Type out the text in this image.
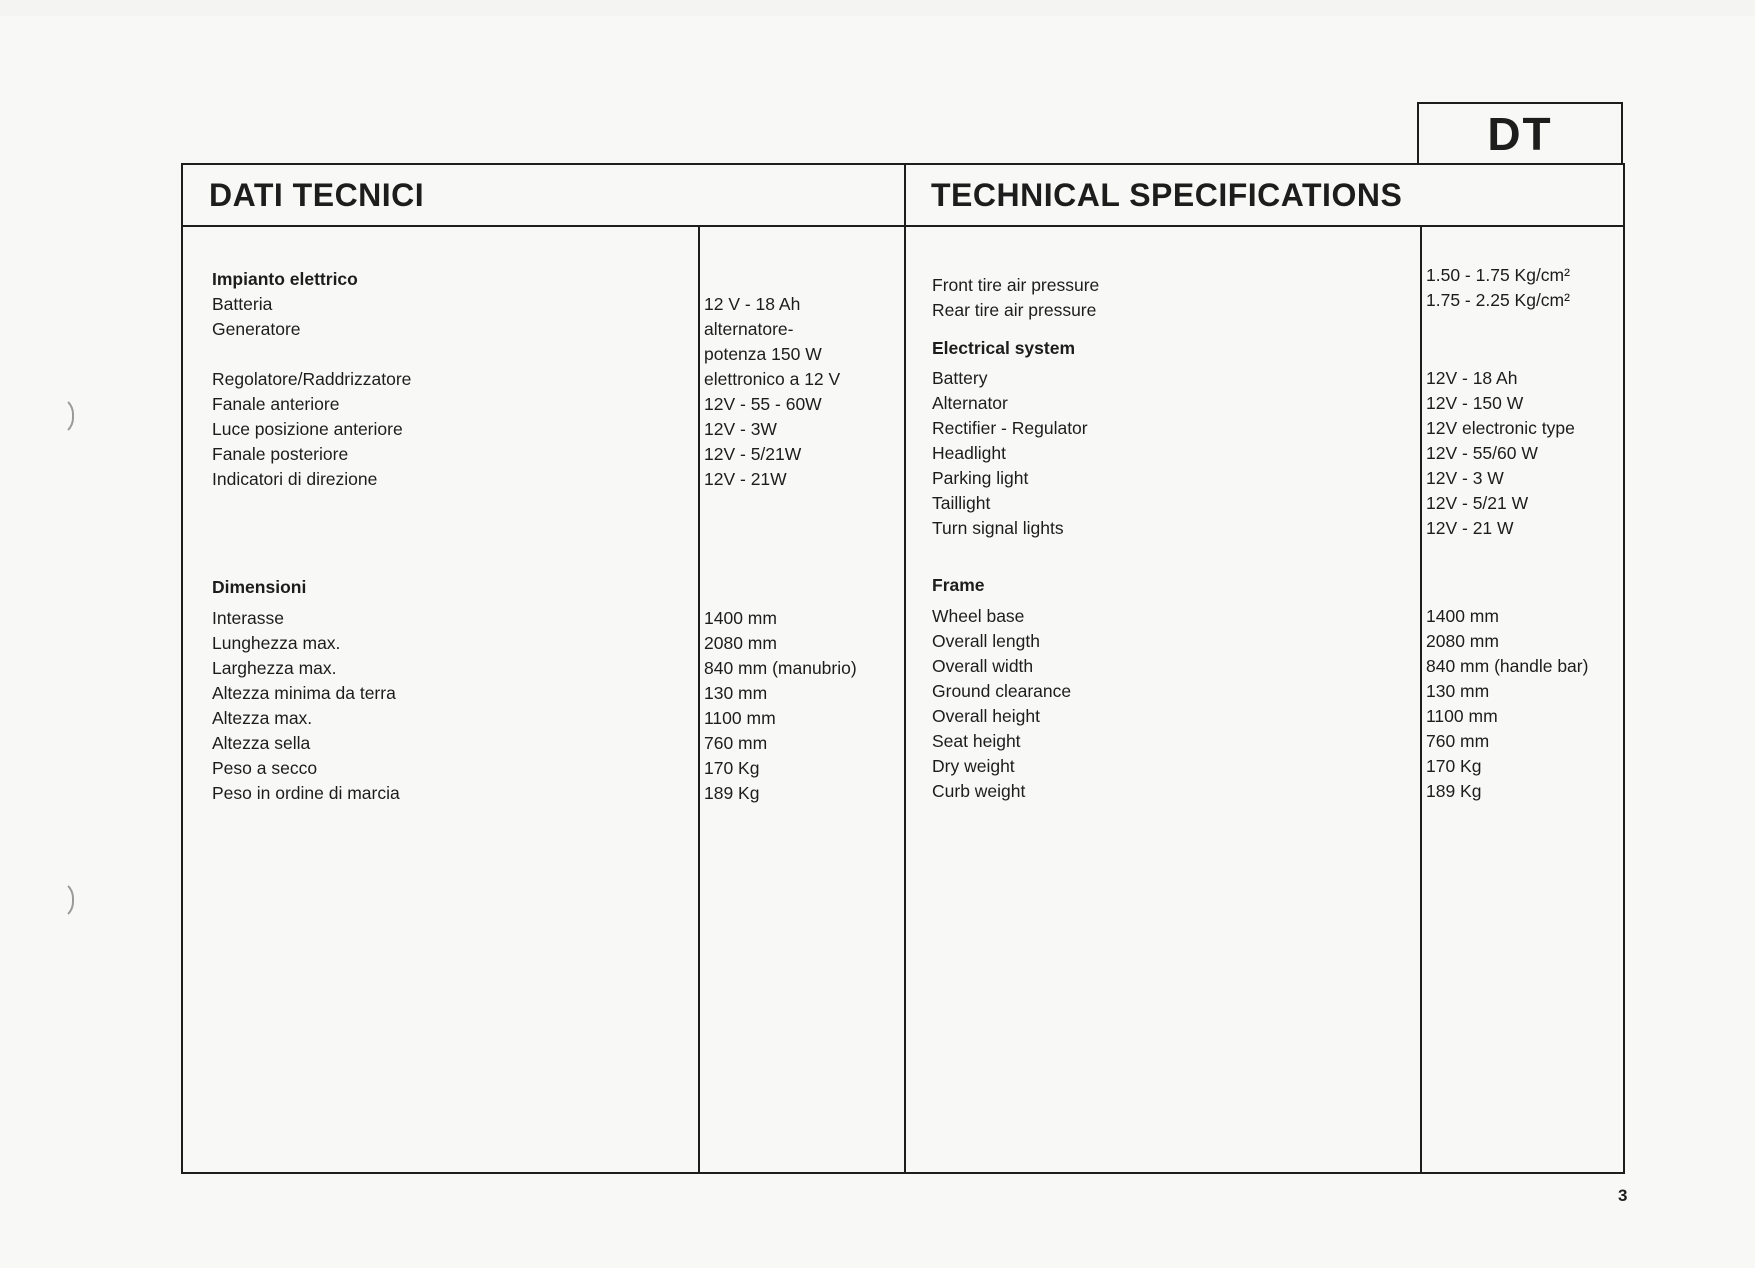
DT
DATI TECNICI	TECHNICAL SPECIFICATIONS
Impianto elettrico
Batteria
Generatore
Regolatore/Raddrizzatore
Fanale anteriore
Luce posizione anteriore
Fanale posteriore
Indicatori di direzione
Dimensioni
Interasse
Lunghezza max.
Larghezza max.
Altezza minima da terra
Altezza max.
Altezza sella
Peso a secco
Peso in ordine di marcia
12 V - 18 Ah
alternatore-
potenza 150 W
elettronico a 12 V
12V - 55 - 60W
12V - 3W
12V - 5/21W
12V - 21W
1400 mm
2080 mm
840 mm (manubrio)
130 mm
1100 mm
760 mm
170 Kg
189 Kg
Front tire air pressure
Rear tire air pressure
Electrical system
Battery
Alternator
Rectifier - Regulator
Headlight
Parking light
Taillight
Turn signal lights
Frame
Wheel base
Overall length
Overall width
Ground clearance
Overall height
Seat height
Dry weight
Curb weight
1.50 - 1.75 Kg/cm²
1.75 - 2.25 Kg/cm²
12V - 18 Ah
12V - 150 W
12V electronic type
12V - 55/60 W
12V - 3 W
12V - 5/21 W
12V - 21 W
1400 mm
2080 mm
840 mm (handle bar)
130 mm
1100 mm
760 mm
170 Kg
189 Kg
3
